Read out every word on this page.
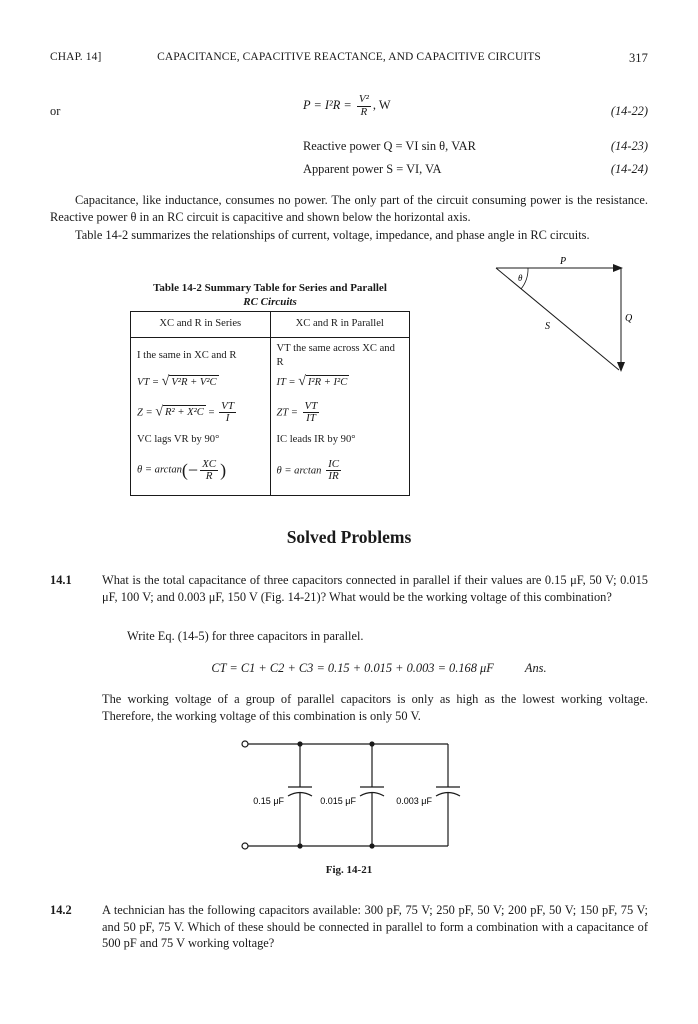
CHAP. 14]	CAPACITANCE, CAPACITIVE REACTANCE, AND CAPACITIVE CIRCUITS	317
or	$P = I^2R = \frac{\text{V²}}{R}$ , W	(14-22)
Reactive power Q = VI sin θ, VAR	(14-23)
Apparent power S = VI, VA	(14-24)
Capacitance, like inductance, consumes no power. The only part of the circuit consuming power is the resistance. Reactive power θ in an RC circuit is capacitive and shown below the horizontal axis.
Table 14-2 summarizes the relationships of current, voltage, impedance, and phase angle in RC circuits.
Table 14-2 Summary Table for Series and Parallel
RC Circuits
XC and R in Series	XC and R in Parallel
I the same in XC and R	VT the same across XC and R
VT = √ V²R + V²C	IT = √ I²R + I²C
Z = √ $R^2 + X^2C = \frac{VT}{I}$	ZT = $\frac{VT}{IT}$

VC lags VR by 90°	IC leads IR by 90°
$\theta = \arctan(- \frac{XC}{R}$ )	$\theta = \arctan \frac{IC}{IR}$
P
Q
S
θ
Solved Problems
14.1 What is the total capacitance of three capacitors connected in parallel if their values are 0.15 μF, 50 V; 0.015 μF, 100 V; and 0.003 μF, 150 V (Fig. 14-21)? What would be the working voltage of this combination?
Write Eq. (14-5) for three capacitors in parallel.
CT = C1 + C2 + C3 = 0.15 + 0.015 + 0.003 = 0.168 μF	Ans.
The working voltage of a group of parallel capacitors is only as high as the lowest working voltage. Therefore, the working voltage of this combination is only 50 V.
0.15 μF	0.015 μF	0.003 μF
Fig. 14-21
14.2 A technician has the following capacitors available: 300 pF, 75 V; 250 pF, 50 V; 200 pF, 50 V; 150 pF, 75 V; and 50 pF, 75 V. Which of these should be connected in parallel to form a combination with a capacitance of 500 pF and 75 V working voltage?
